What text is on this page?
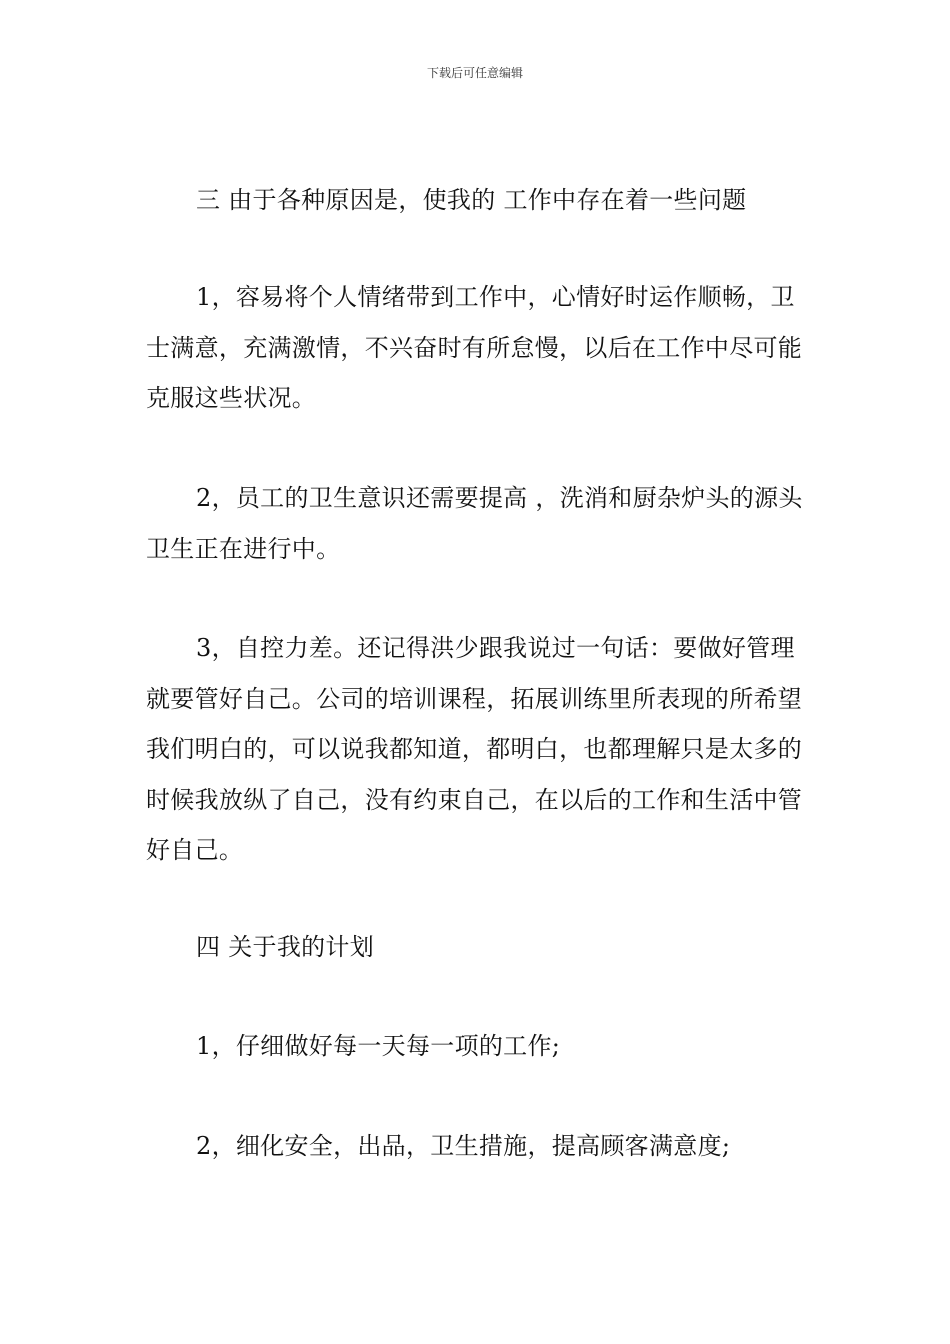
下载后可任意编辑

三 由于各种原因是，使我的 工作中存在着一些问题

1，容易将个人情绪带到工作中，心情好时运作顺畅，卫士满意，充满激情，不兴奋时有所怠慢，以后在工作中尽可能克服这些状况。

2，员工的卫生意识还需要提高 ，洗消和厨杂炉头的源头卫生正在进行中。

3，自控力差。还记得洪少跟我说过一句话：要做好管理就要管好自己。公司的培训课程，拓展训练里所表现的所希望我们明白的，可以说我都知道，都明白，也都理解只是太多的时候我放纵了自己，没有约束自己，在以后的工作和生活中管好自己。

四 关于我的计划

1，仔细做好每一天每一项的工作;

2，细化安全，出品，卫生措施，提高顾客满意度;
